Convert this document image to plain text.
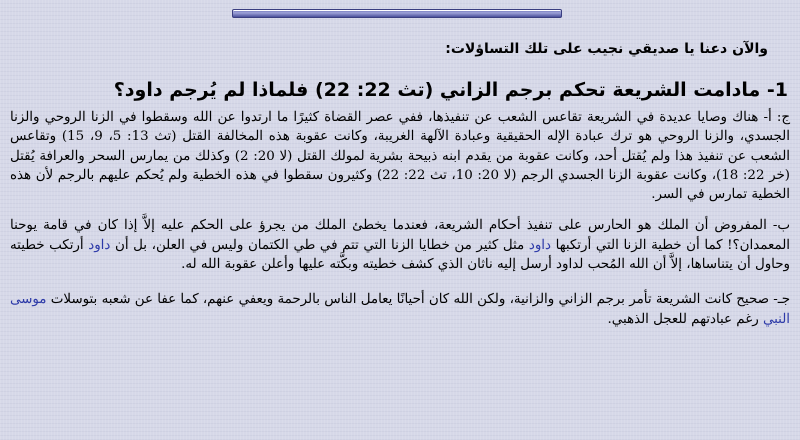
والآن دعنا يا صديقي نجيب على تلك التساؤلات:

1- مادامت الشريعة تحكم برجم الزاني (تث 22: 22) فلماذا لم يُرجم داود؟

ج: أ- هناك وصايا عديدة في الشريعة تقاعس الشعب عن تنفيذها، ففي عصر القضاة كثيرًا ما ارتدوا عن الله وسقطوا في الزنا الروحي والزنا الجسدي، والزنا الروحي هو ترك عبادة الإله الحقيقية وعبادة الآلهة الغريبة، وكانت عقوبة هذه المخالفة القتل (تث 13: 5، 9، 15) وتقاعس الشعب عن تنفيذ هذا ولم يُقتل أحد، وكانت عقوبة من يقدم ابنه ذبيحة بشرية لمولك القتل (لا 20: 2) وكذلك من يمارس السحر والعرافة يُقتل (خر 22: 18)، وكانت عقوبة الزنا الجسدي الرجم (لا 20: 10، تث 22: 22) وكثيرون سقطوا في هذه الخطية ولم يُحكم عليهم بالرجم لأن هذه الخطية تمارس في السر.

ب- المفروض أن الملك هو الحارس على تنفيذ أحكام الشريعة، فعندما يخطئ الملك من يجرؤ على الحكم عليه إلاَّ إذا كان في قامة يوحنا المعمدان؟! كما أن خطية الزنا التي أرتكبها داود مثل كثير من خطايا الزنا التي تتم في طي الكتمان وليس في العلن، بل أن داود أرتكب خطيته وحاول أن يتناساها، إلاَّ أن الله المُحب لداود أرسل إليه ناثان الذي كشف خطيته وبكَّته عليها وأعلن عقوبة الله له.

جـ- صحيح كانت الشريعة تأمر برجم الزاني والزانية، ولكن الله كان أحيانًا يعامل الناس بالرحمة ويعفي عنهم، كما عفا عن شعبه بتوسلات موسى النبي رغم عبادتهم للعجل الذهبي.
